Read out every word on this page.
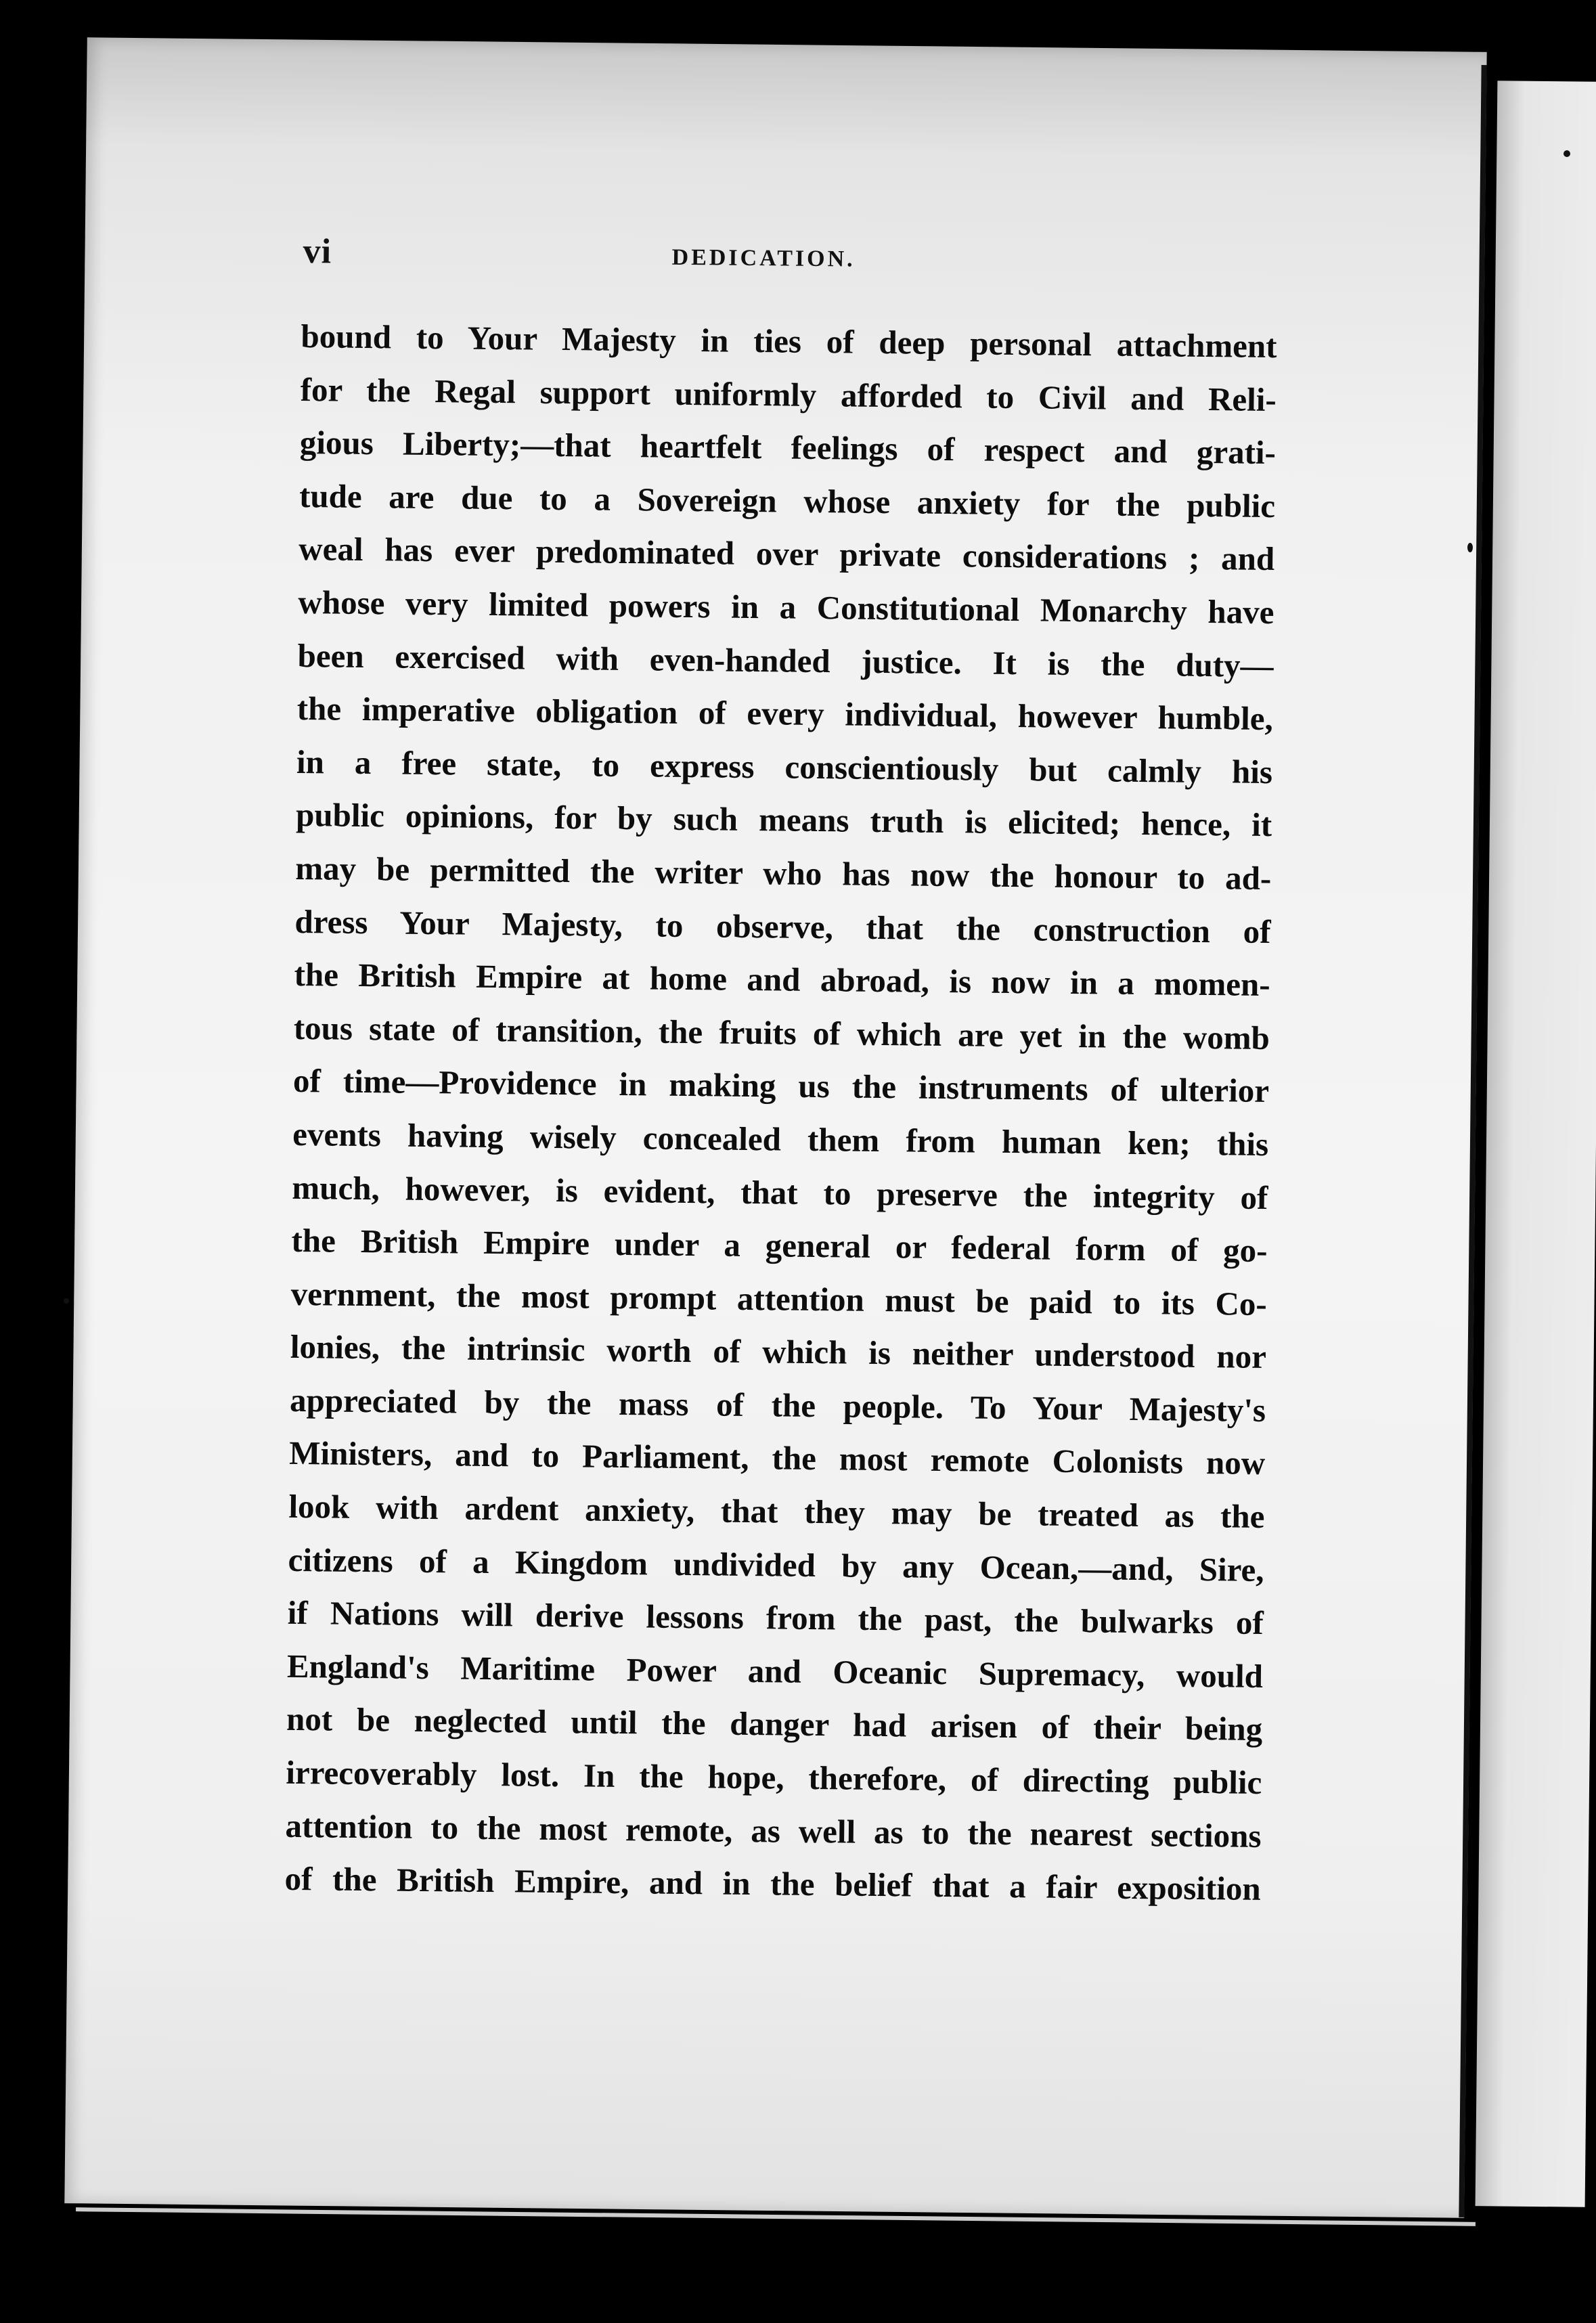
vi	DEDICATION.
bound to Your Majesty in ties of deep personal attachment
for the Regal support uniformly afforded to Civil and Reli-
gious Liberty;—that heartfelt feelings of respect and grati-
tude are due to a Sovereign whose anxiety for the public
weal has ever predominated over private considerations ; and
whose very limited powers in a Constitutional Monarchy have
been exercised with even-handed justice. It is the duty—
the imperative obligation of every individual, however humble,
in a free state, to express conscientiously but calmly his
public opinions, for by such means truth is elicited; hence, it
may be permitted the writer who has now the honour to ad-
dress Your Majesty, to observe, that the construction of
the British Empire at home and abroad, is now in a momen-
tous state of transition, the fruits of which are yet in the womb
of time—Providence in making us the instruments of ulterior
events having wisely concealed them from human ken; this
much, however, is evident, that to preserve the integrity of
the British Empire under a general or federal form of go-
vernment, the most prompt attention must be paid to its Co-
lonies, the intrinsic worth of which is neither understood nor
appreciated by the mass of the people. To Your Majesty's
Ministers, and to Parliament, the most remote Colonists now
look with ardent anxiety, that they may be treated as the
citizens of a Kingdom undivided by any Ocean,—and, Sire,
if Nations will derive lessons from the past, the bulwarks of
England's Maritime Power and Oceanic Supremacy, would
not be neglected until the danger had arisen of their being
irrecoverably lost. In the hope, therefore, of directing public
attention to the most remote, as well as to the nearest sections
of the British Empire, and in the belief that a fair exposition
